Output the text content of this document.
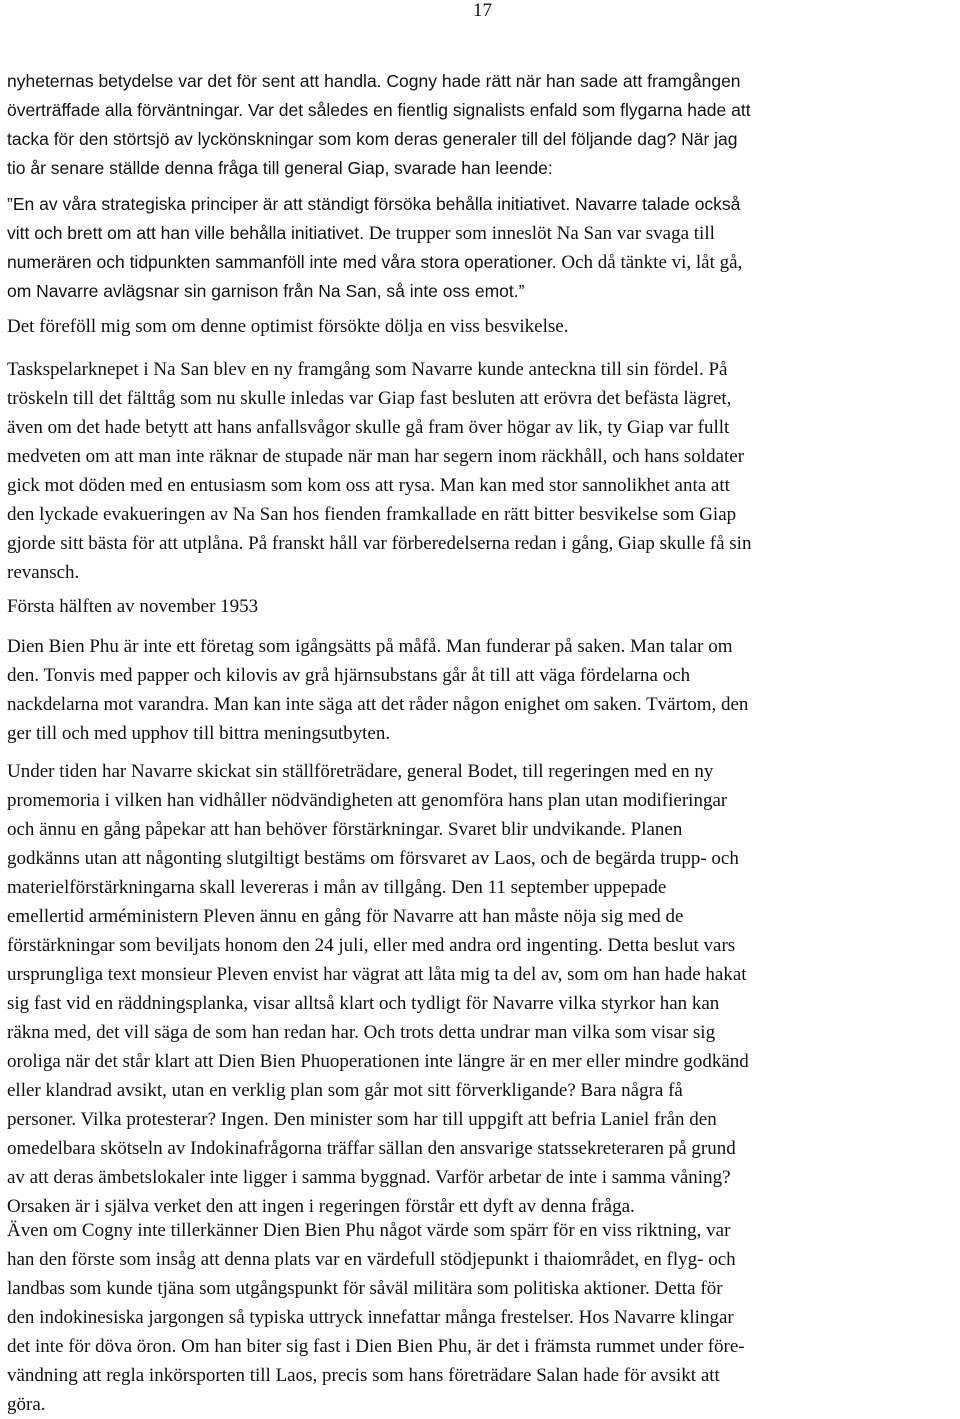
17
nyheternas betydelse var det för sent att handla. Cogny hade rätt när han sade att framgången
överträffade alla förväntningar. Var det således en fientlig signalists enfald som flygarna hade att
tacka för den störtsjö av lyckönskningar som kom deras generaler till del följande dag? När jag
tio år senare ställde denna fråga till general Giap, svarade han leende:
”En av våra strategiska principer är att ständigt försöka behålla initiativet. Navarre talade också
vitt och brett om att han ville behålla initiativet. De trupper som inneslöt Na San var svaga till
numerären och tidpunkten sammanföll inte med våra stora operationer. Och då tänkte vi, låt gå,
om Navarre avlägsnar sin garnison från Na San, så inte oss emot.”
Det föreföll mig som om denne optimist försökte dölja en viss besvikelse.
Taskspelarknepet i Na San blev en ny framgång som Navarre kunde anteckna till sin fördel. På
tröskeln till det fälttåg som nu skulle inledas var Giap fast besluten att erövra det befästa lägret,
även om det hade betytt att hans anfallsvågor skulle gå fram över högar av lik, ty Giap var fullt
medveten om att man inte räknar de stupade när man har segern inom räckhåll, och hans soldater
gick mot döden med en entusiasm som kom oss att rysa. Man kan med stor sannolikhet anta att
den lyckade evakueringen av Na San hos fienden framkallade en rätt bitter besvikelse som Giap
gjorde sitt bästa för att utplåna. På franskt håll var förberedelserna redan i gång, Giap skulle få sin
revansch.
Första hälften av november 1953
Dien Bien Phu är inte ett företag som igångsätts på måfå. Man funderar på saken. Man talar om
den. Tonvis med papper och kilovis av grå hjärnsubstans går åt till att väga fördelarna och
nackdelarna mot varandra. Man kan inte säga att det råder någon enighet om saken. Tvärtom, den
ger till och med upphov till bittra meningsutbyten.
Under tiden har Navarre skickat sin ställföreträdare, general Bodet, till regeringen med en ny
promemoria i vilken han vidhåller nödvändigheten att genomföra hans plan utan modifieringar
och ännu en gång påpekar att han behöver förstärkningar. Svaret blir undvikande. Planen
godkänns utan att någonting slutgiltigt bestäms om försvaret av Laos, och de begärda trupp- och
materielförstärkningarna skall levereras i mån av tillgång. Den 11 september uppepade
emellertid arméministern Pleven ännu en gång för Navarre att han måste nöja sig med de
förstärkningar som beviljats honom den 24 juli, eller med andra ord ingenting. Detta beslut vars
ursprungliga text monsieur Pleven envist har vägrat att låta mig ta del av, som om han hade hakat
sig fast vid en räddningsplanka, visar alltså klart och tydligt för Navarre vilka styrkor han kan
räkna med, det vill säga de som han redan har. Och trots detta undrar man vilka som visar sig
oroliga när det står klart att Dien Bien Phuoperationen inte längre är en mer eller mindre godkänd
eller klandrad avsikt, utan en verklig plan som går mot sitt förverkligande? Bara några få
personer. Vilka protesterar? Ingen. Den minister som har till uppgift att befria Laniel från den
omedelbara skötseln av Indokinafrågorna träffar sällan den ansvarige statssekreteraren på grund
av att deras ämbetslokaler inte ligger i samma byggnad. Varför arbetar de inte i samma våning?
Orsaken är i själva verket den att ingen i regeringen förstår ett dyft av denna fråga.
Även om Cogny inte tillerkänner Dien Bien Phu något värde som spärr för en viss riktning, var
han den förste som insåg att denna plats var en värdefull stödjepunkt i thaiområdet, en flyg- och
landbas som kunde tjäna som utgångspunkt för såväl militära som politiska aktioner. Detta för
den indokinesiska jargongen så typiska uttryck innefattar många frestelser. Hos Navarre klingar
det inte för döva öron. Om han biter sig fast i Dien Bien Phu, är det i främsta rummet under före-
vändning att regla inkörsporten till Laos, precis som hans företrädare Salan hade för avsikt att
göra.
